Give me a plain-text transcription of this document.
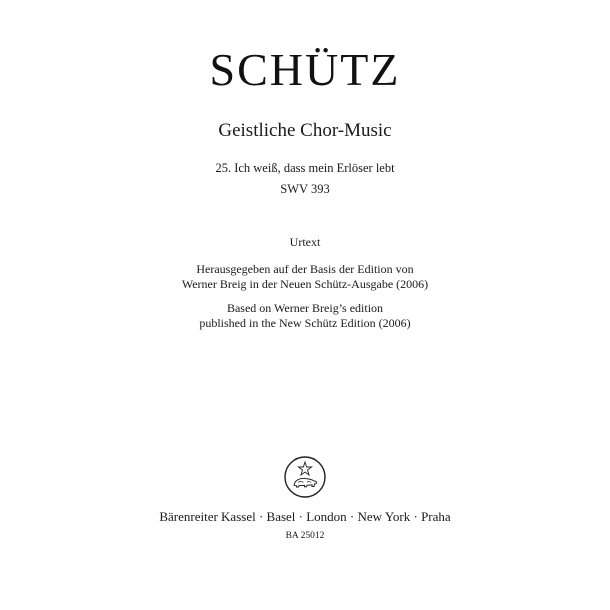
SCHÜTZ
Geistliche Chor-Music
25. Ich weiß, dass mein Erlöser lebt
SWV 393
Urtext
Herausgegeben auf der Basis der Edition von
Werner Breig in der Neuen Schütz-Ausgabe (2006)
Based on Werner Breig’s edition
published in the New Schütz Edition (2006)
Bärenreiter Kassel · Basel · London · New York · Praha
BA 25012
